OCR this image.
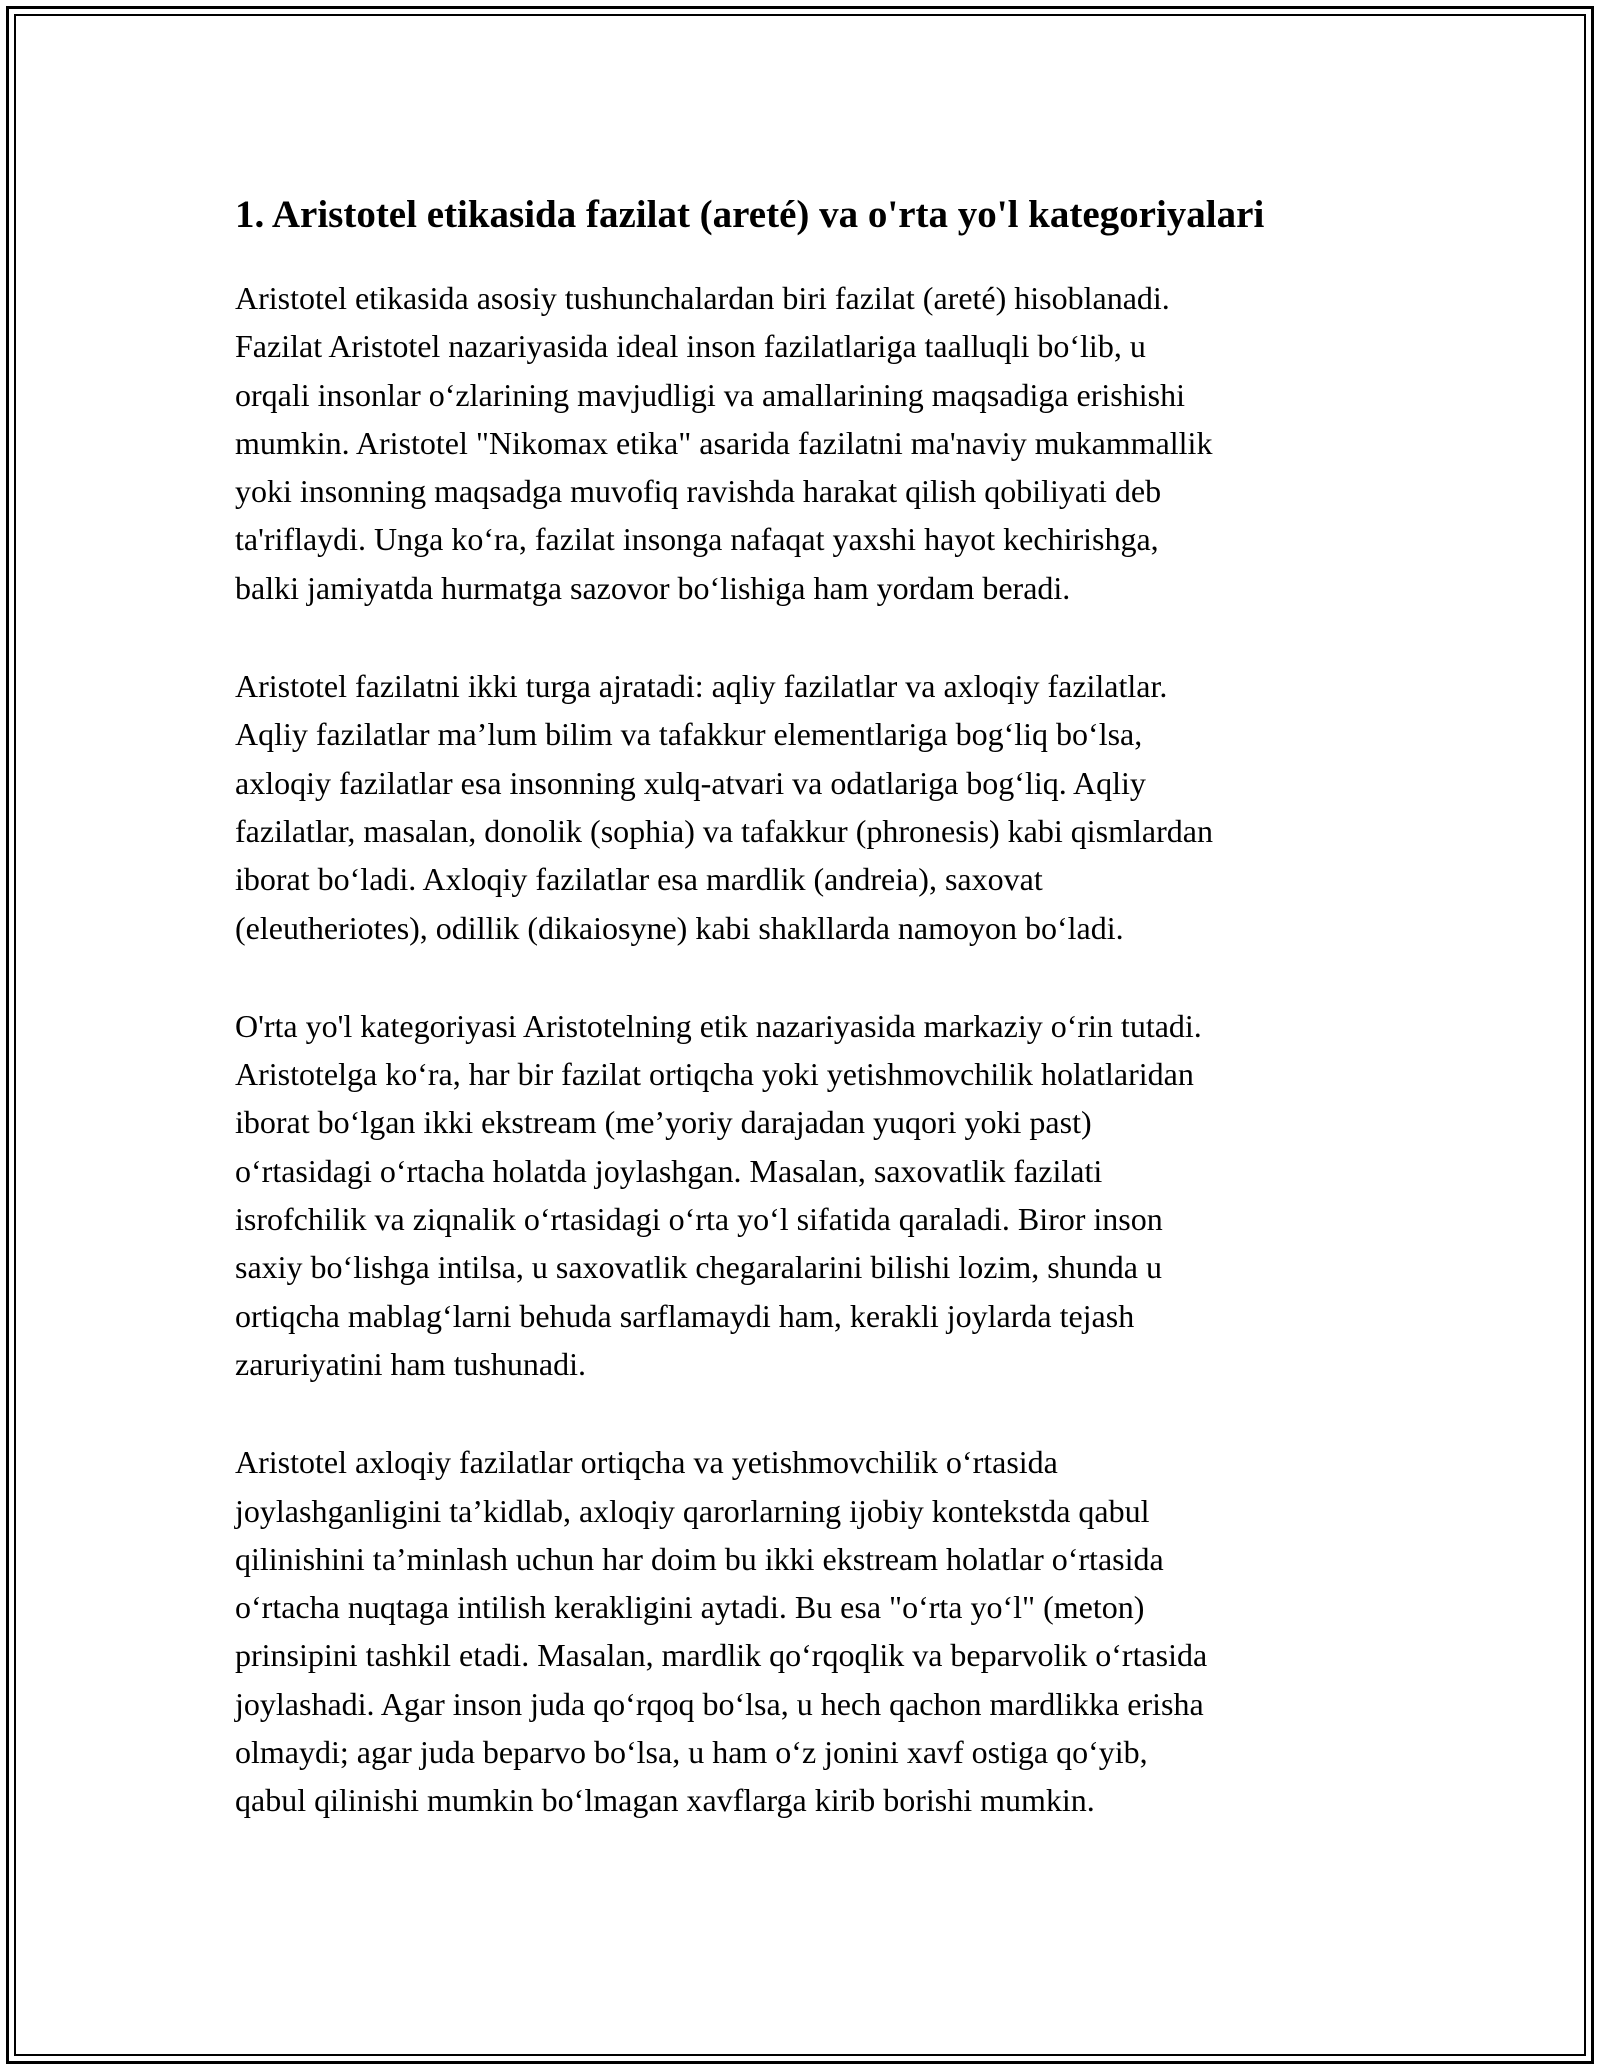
1. Aristotel etikasida fazilat (areté) va o'rta yo'l kategoriyalari

Aristotel etikasida asosiy tushunchalardan biri fazilat (areté) hisoblanadi.
Fazilat Aristotel nazariyasida ideal inson fazilatlariga taalluqli bo‘lib, u
orqali insonlar o‘zlarining mavjudligi va amallarining maqsadiga erishishi
mumkin. Aristotel "Nikomax etika" asarida fazilatni ma'naviy mukammallik
yoki insonning maqsadga muvofiq ravishda harakat qilish qobiliyati deb
ta'riflaydi. Unga ko‘ra, fazilat insonga nafaqat yaxshi hayot kechirishga,
balki jamiyatda hurmatga sazovor bo‘lishiga ham yordam beradi.

Aristotel fazilatni ikki turga ajratadi: aqliy fazilatlar va axloqiy fazilatlar.
Aqliy fazilatlar ma’lum bilim va tafakkur elementlariga bog‘liq bo‘lsa,
axloqiy fazilatlar esa insonning xulq-atvari va odatlariga bog‘liq. Aqliy
fazilatlar, masalan, donolik (sophia) va tafakkur (phronesis) kabi qismlardan
iborat bo‘ladi. Axloqiy fazilatlar esa mardlik (andreia), saxovat
(eleutheriotes), odillik (dikaiosyne) kabi shakllarda namoyon bo‘ladi.

O'rta yo'l kategoriyasi Aristotelning etik nazariyasida markaziy o‘rin tutadi.
Aristotelga ko‘ra, har bir fazilat ortiqcha yoki yetishmovchilik holatlaridan
iborat bo‘lgan ikki ekstream (me’yoriy darajadan yuqori yoki past)
o‘rtasidagi o‘rtacha holatda joylashgan. Masalan, saxovatlik fazilati
isrofchilik va ziqnalik o‘rtasidagi o‘rta yo‘l sifatida qaraladi. Biror inson
saxiy bo‘lishga intilsa, u saxovatlik chegaralarini bilishi lozim, shunda u
ortiqcha mablag‘larni behuda sarflamaydi ham, kerakli joylarda tejash
zaruriyatini ham tushunadi.

Aristotel axloqiy fazilatlar ortiqcha va yetishmovchilik o‘rtasida
joylashganligini ta’kidlab, axloqiy qarorlarning ijobiy kontekstda qabul
qilinishini ta’minlash uchun har doim bu ikki ekstream holatlar o‘rtasida
o‘rtacha nuqtaga intilish kerakligini aytadi. Bu esa "o‘rta yo‘l" (meton)
prinsipini tashkil etadi. Masalan, mardlik qo‘rqoqlik va beparvolik o‘rtasida
joylashadi. Agar inson juda qo‘rqoq bo‘lsa, u hech qachon mardlikka erisha
olmaydi; agar juda beparvo bo‘lsa, u ham o‘z jonini xavf ostiga qo‘yib,
qabul qilinishi mumkin bo‘lmagan xavflarga kirib borishi mumkin.
